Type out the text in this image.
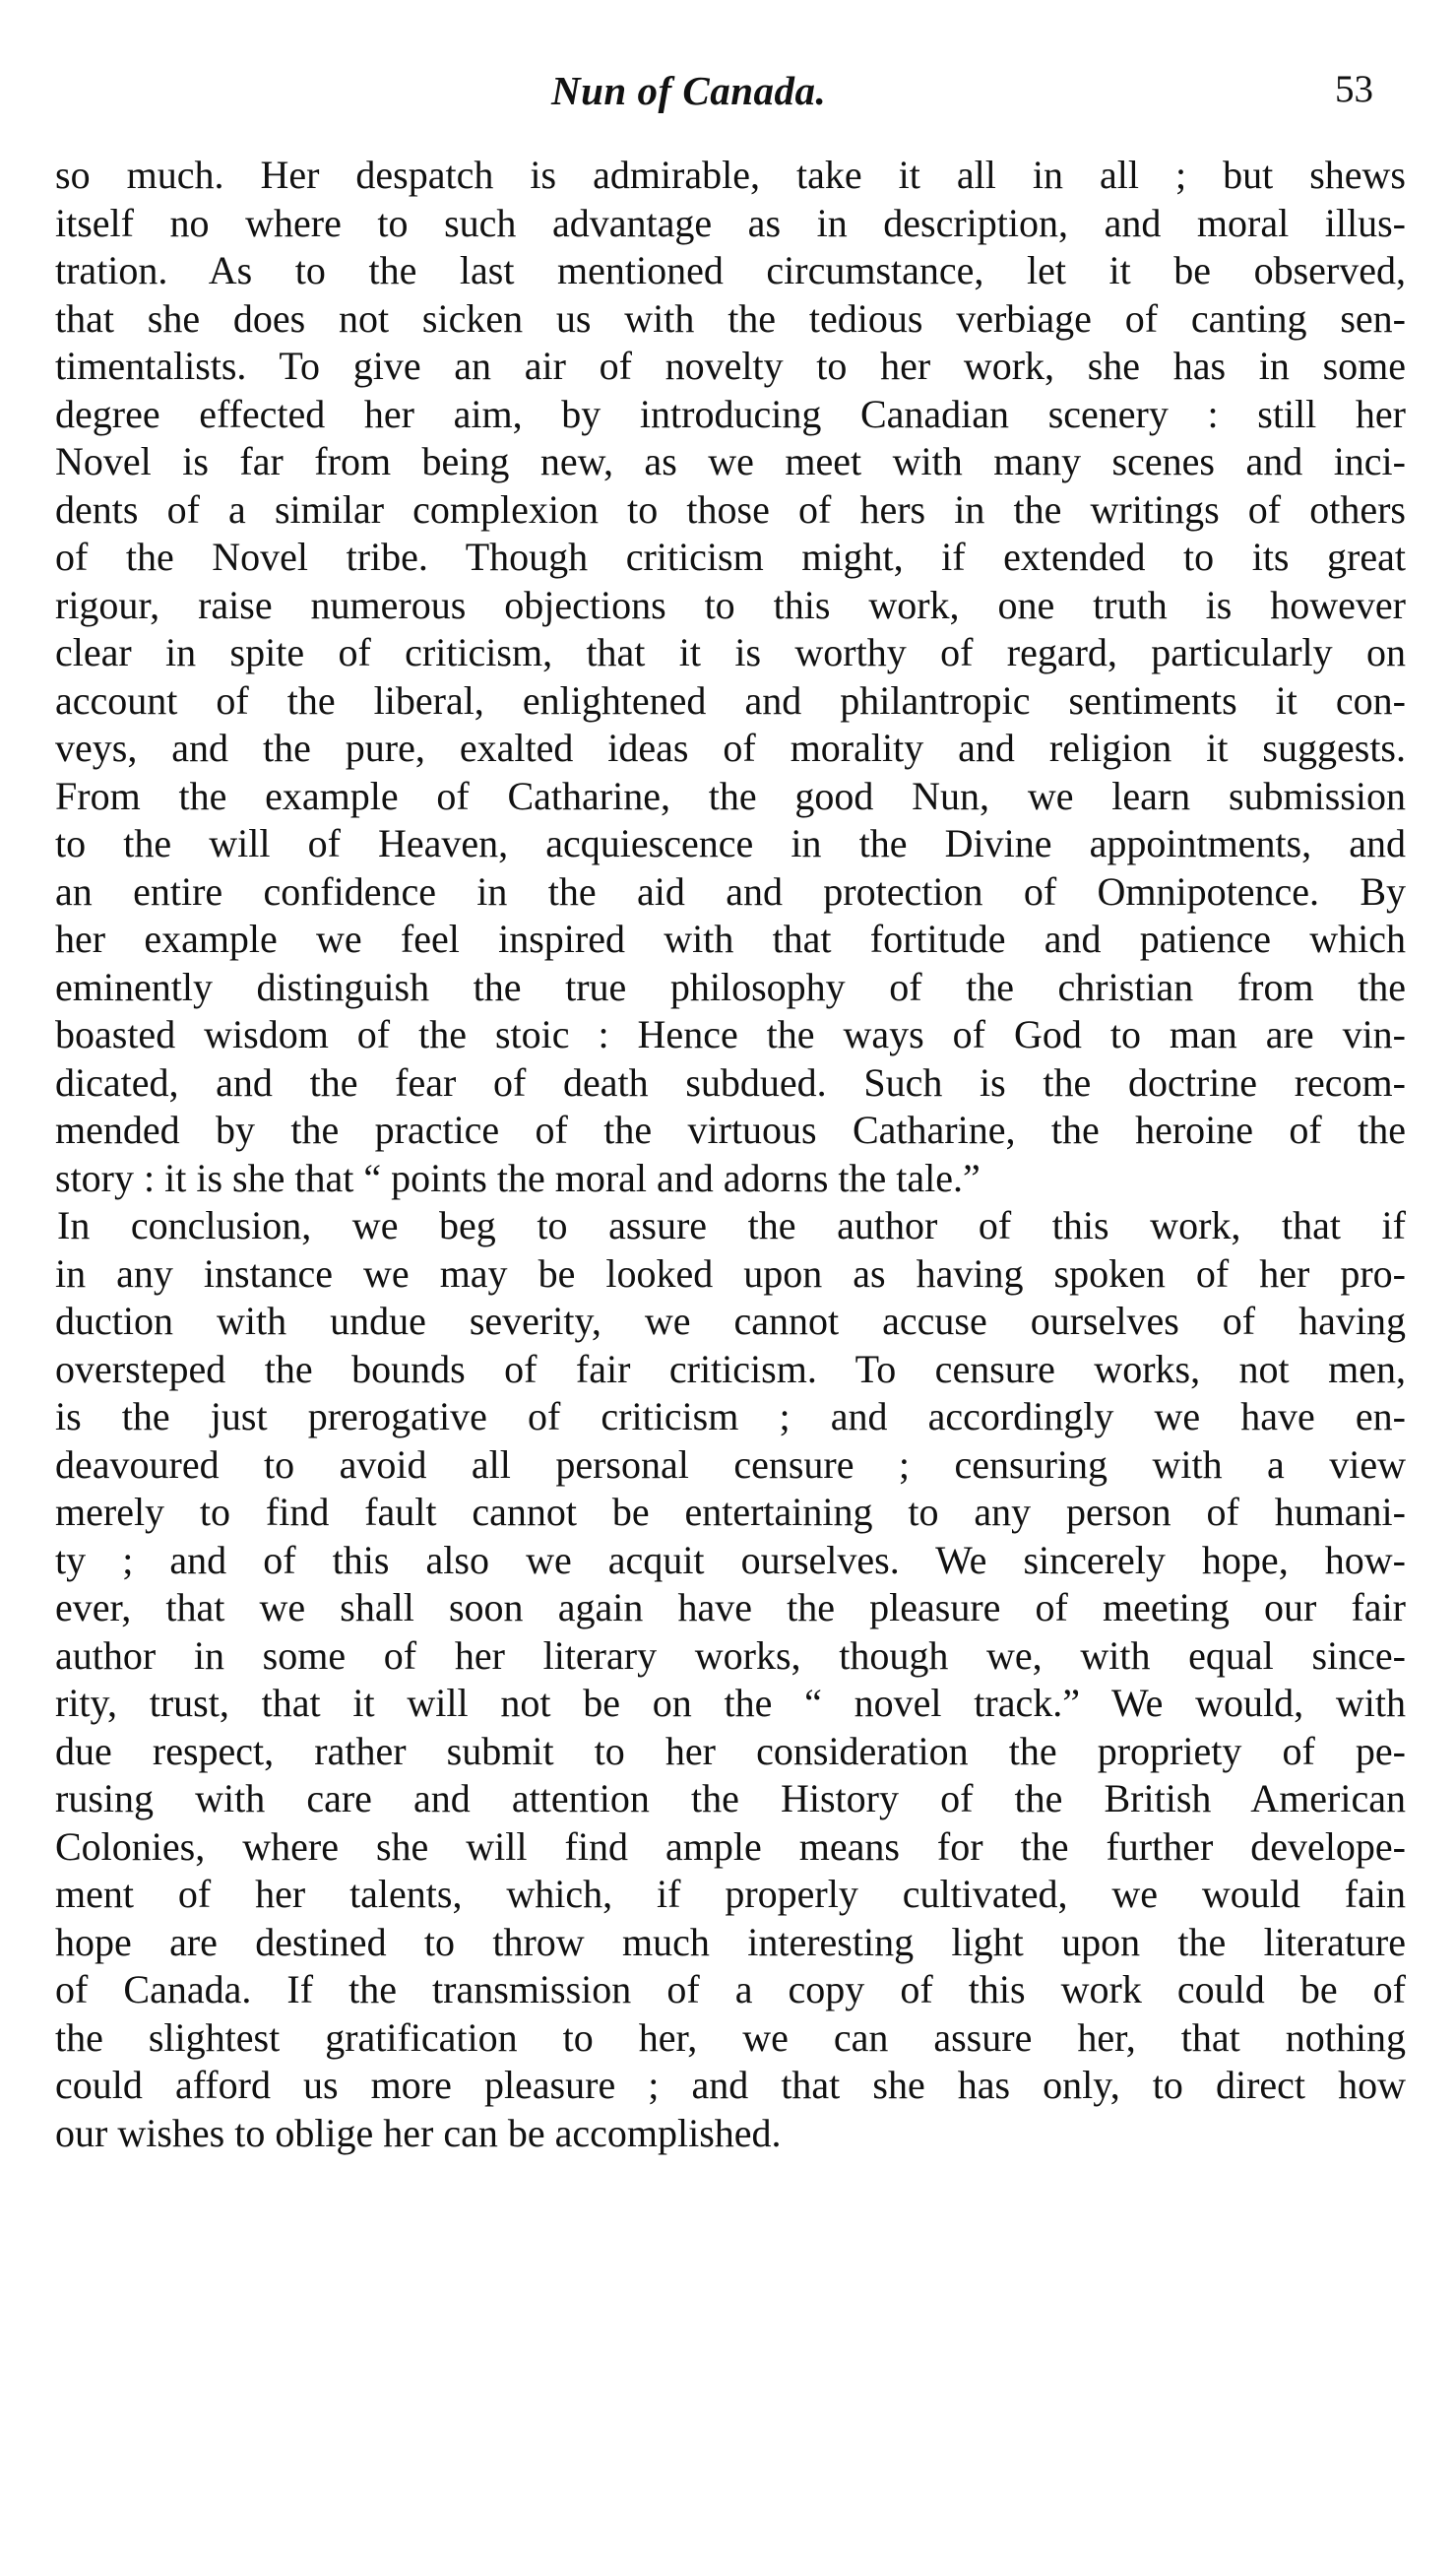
Nun of Canada.	53
so much. Her despatch is admirable, take it all in all ; but shews
itself no where to such advantage as in description, and moral illus-
tration. As to the last mentioned circumstance, let it be observed,
that she does not sicken us with the tedious verbiage of canting sen-
timentalists. To give an air of novelty to her work, she has in some
degree effected her aim, by introducing Canadian scenery : still her
Novel is far from being new, as we meet with many scenes and inci-
dents of a similar complexion to those of hers in the writings of others
of the Novel tribe. Though criticism might, if extended to its great
rigour, raise numerous objections to this work, one truth is however
clear in spite of criticism, that it is worthy of regard, particularly on
account of the liberal, enlightened and philantropic sentiments it con-
veys, and the pure, exalted ideas of morality and religion it suggests.
From the example of Catharine, the good Nun, we learn submission
to the will of Heaven, acquiescence in the Divine appointments, and
an entire confidence in the aid and protection of Omnipotence. By
her example we feel inspired with that fortitude and patience which
eminently distinguish the true philosophy of the christian from the
boasted wisdom of the stoic : Hence the ways of God to man are vin-
dicated, and the fear of death subdued. Such is the doctrine recom-
mended by the practice of the virtuous Catharine, the heroine of the
story : it is she that “ points the moral and adorns the tale.”
In conclusion, we beg to assure the author of this work, that if
in any instance we may be looked upon as having spoken of her pro-
duction with undue severity, we cannot accuse ourselves of having
oversteped the bounds of fair criticism. To censure works, not men,
is the just prerogative of criticism ; and accordingly we have en-
deavoured to avoid all personal censure ; censuring with a view
merely to find fault cannot be entertaining to any person of humani-
ty ; and of this also we acquit ourselves. We sincerely hope, how-
ever, that we shall soon again have the pleasure of meeting our fair
author in some of her literary works, though we, with equal since-
rity, trust, that it will not be on the “ novel track.” We would, with
due respect, rather submit to her consideration the propriety of pe-
rusing with care and attention the History of the British American
Colonies, where she will find ample means for the further develope-
ment of her talents, which, if properly cultivated, we would fain
hope are destined to throw much interesting light upon the literature
of Canada. If the transmission of a copy of this work could be of
the slightest gratification to her, we can assure her, that nothing
could afford us more pleasure ; and that she has only, to direct how
our wishes to oblige her can be accomplished.
